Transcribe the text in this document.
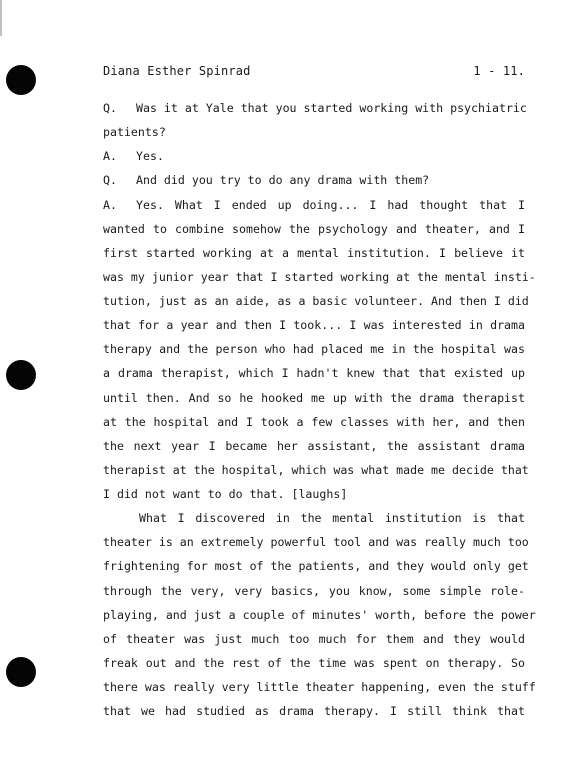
Diana Esther Spinrad	1 - 11.
Q. Was it at Yale that you started working with psychiatric
patients?
A. Yes.
Q. And did you try to do any drama with them?
A. Yes. What I ended up doing... I had thought that I
wanted to combine somehow the psychology and theater, and I
first started working at a mental institution. I believe it
was my junior year that I started working at the mental insti-
tution, just as an aide, as a basic volunteer. And then I did
that for a year and then I took... I was interested in drama
therapy and the person who had placed me in the hospital was
a drama therapist, which I hadn't knew that that existed up
until then. And so he hooked me up with the drama therapist
at the hospital and I took a few classes with her, and then
the next year I became her assistant, the assistant drama
therapist at the hospital, which was what made me decide that
I did not want to do that. [laughs]
What I discovered in the mental institution is that
theater is an extremely powerful tool and was really much too
frightening for most of the patients, and they would only get
through the very, very basics, you know, some simple role-
playing, and just a couple of minutes' worth, before the power
of theater was just much too much for them and they would
freak out and the rest of the time was spent on therapy. So
there was really very little theater happening, even the stuff
that we had studied as drama therapy. I still think that
